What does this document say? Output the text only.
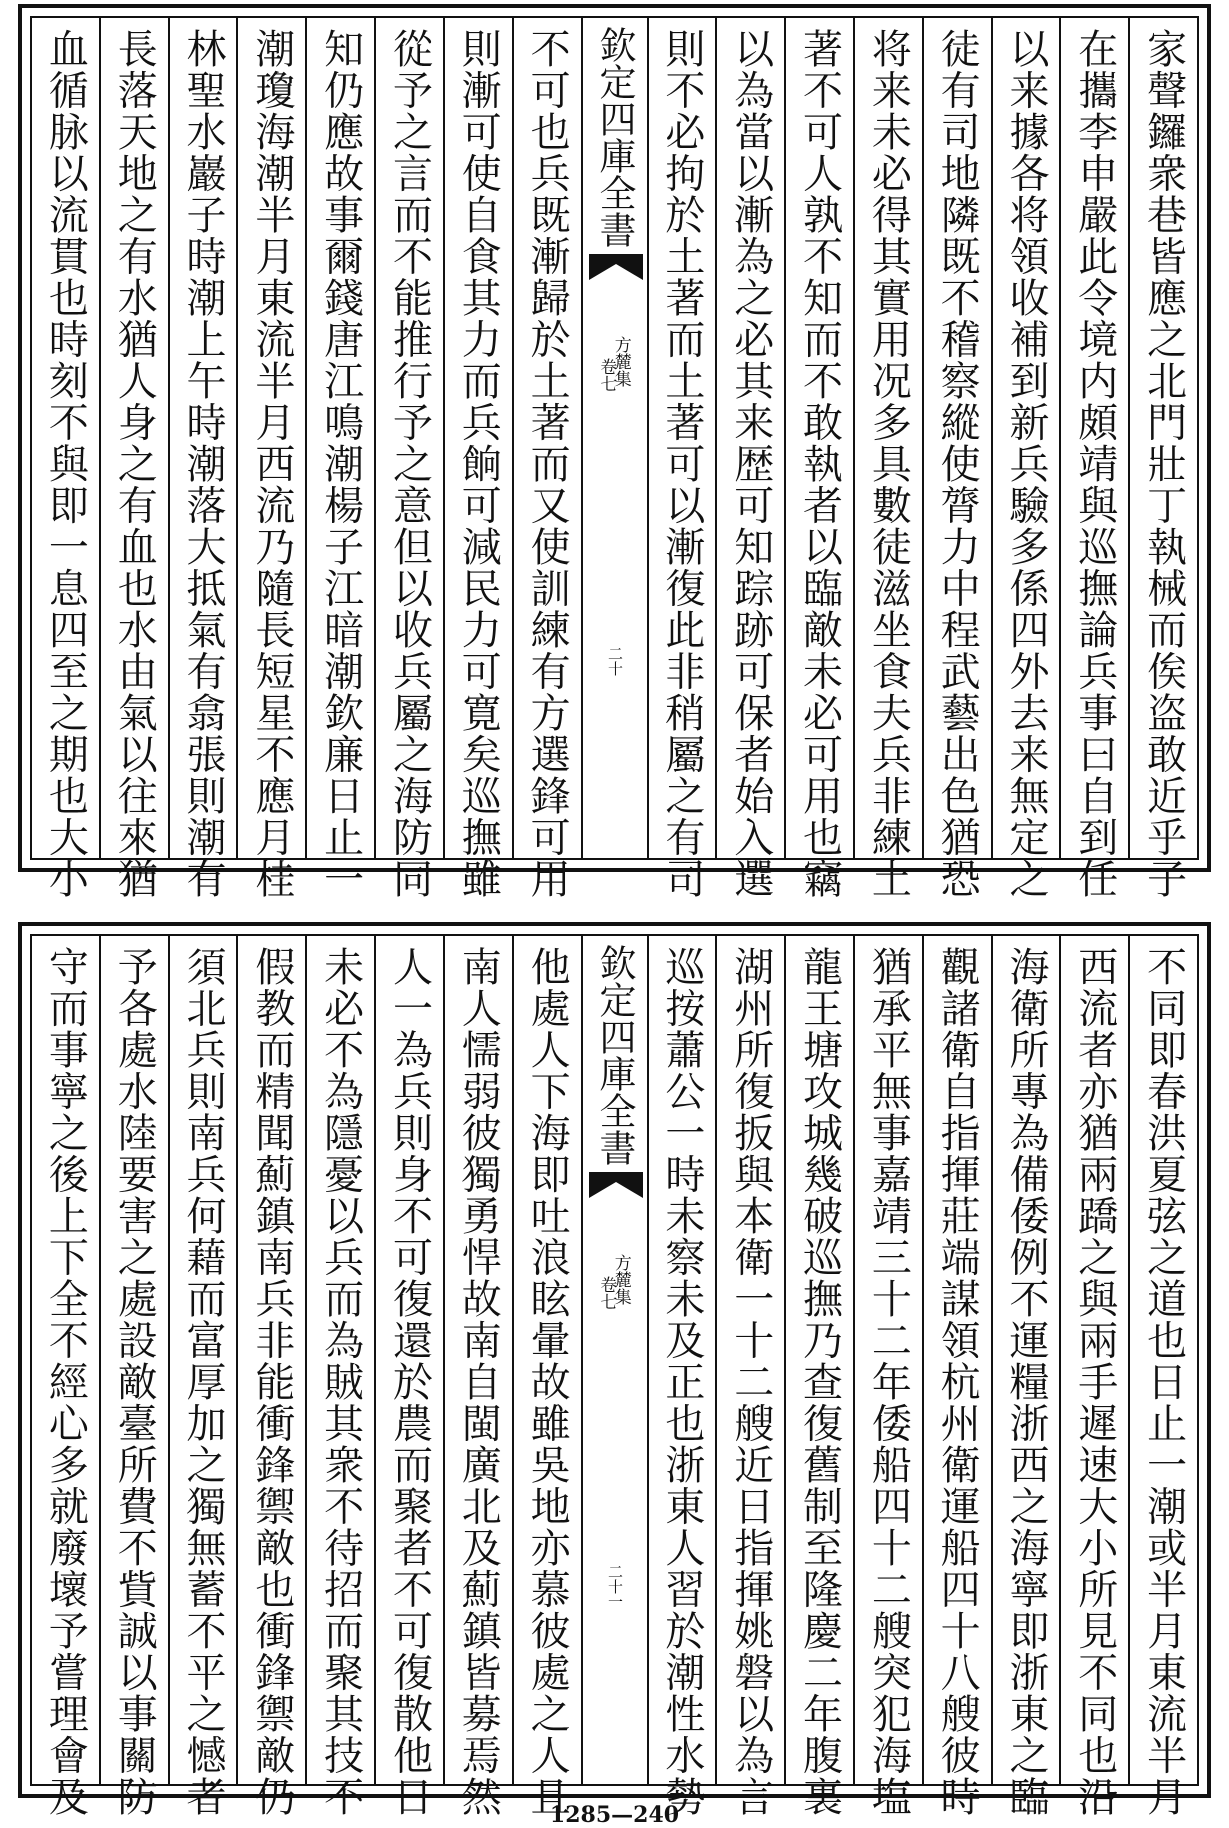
家聲鑼衆巷皆應之北門壯丁執械而俟盗敢近乎子
在攜李申嚴此令境内頗靖與巡撫論兵事曰自到任
以来據各将領收補到新兵驗多係四外去来無定之
徒有司地隣既不稽察縱使膂力中程武藝出色猶恐
将来未必得其實用况多具數徒滋坐食夫兵非練土
著不可人孰不知而不敢執者以臨敵未必可用也竊
以為當以漸為之必其来歴可知踪跡可保者始入選
則不必拘於土著而土著可以漸復此非稍屬之有司
欽定四庫全書
方麓集
卷七
二十
不可也兵既漸歸於土著而又使訓練有方選鋒可用
則漸可使自食其力而兵餉可減民力可寛矣巡撫雖
從予之言而不能推行予之意但以收兵屬之海防同
知仍應故事爾錢唐江鳴潮楊子江暗潮欽廉日止一
潮瓊海潮半月東流半月西流乃隨長短星不應月桂
林聖水巖子時潮上午時潮落大抵氣有翕張則潮有
長落天地之有水猶人身之有血也水由氣以往來猶
血循脉以流貫也時刻不與即一息四至之期也大小
不同即春洪夏弦之道也日止一潮或半月東流半月
西流者亦猶兩蹻之與兩手遲速大小所見不同也沿
海衛所專為備倭例不運糧浙西之海寧即浙東之臨
觀諸衛自指揮莊端謀領杭州衛運船四十八艘彼時
猶承平無事嘉靖三十二年倭船四十二艘突犯海塩
龍王塘攻城幾破巡撫乃查復舊制至隆慶二年腹裏
湖州所復扳與本衛一十二艘近日指揮姚磐以為言
巡按蕭公一時未察未及正也浙東人習於潮性水勢
欽定四庫全書
方麓集
卷七
二十一
他處人下海即吐浪眩暈故雖吳地亦慕彼處之人且
南人懦弱彼獨勇悍故南自閩廣北及薊鎮皆募焉然
人一為兵則身不可復還於農而聚者不可復散他日
未必不為隱憂以兵而為賊其衆不待招而聚其技不
假教而精聞薊鎮南兵非能衝鋒禦敵也衝鋒禦敵仍
須北兵則南兵何藉而富厚加之獨無蓄不平之憾者
予各處水陸要害之處設敵臺所費不貲誠以事關防
守而事寧之後上下全不經心多就廢壞予嘗理會及	1285—240
